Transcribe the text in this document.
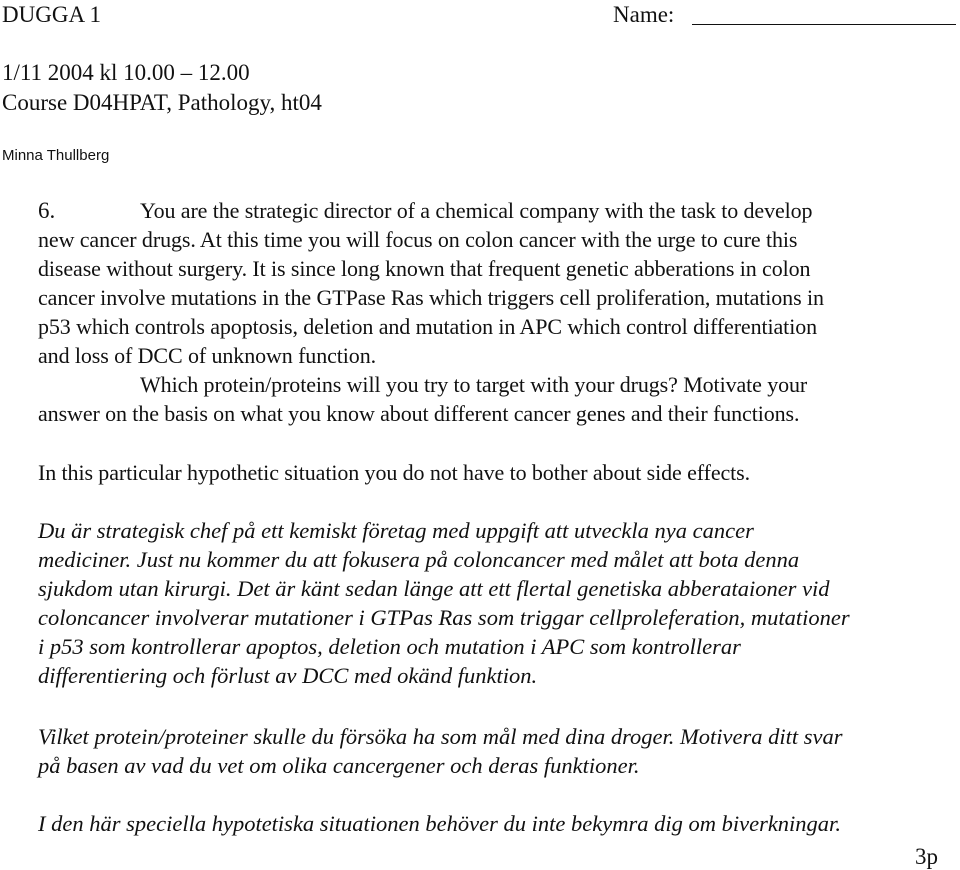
DUGGA 1	Name:
1/11 2004 kl 10.00 – 12.00
Course D04HPAT, Pathology, ht04
Minna Thullberg
6.	You are the strategic director of a chemical company with the task to develop
new cancer drugs. At this time you will focus on colon cancer with the urge to cure this
disease without surgery. It is since long known that frequent genetic abberations in colon
cancer involve mutations in the GTPase Ras which triggers cell proliferation, mutations in
p53 which controls apoptosis, deletion and mutation in APC which control differentiation
and loss of DCC of unknown function.
Which protein/proteins will you try to target with your drugs? Motivate your
answer on the basis on what you know about different cancer genes and their functions.
In this particular hypothetic situation you do not have to bother about side effects.
Du är strategisk chef på ett kemiskt företag med uppgift att utveckla nya cancer
mediciner. Just nu kommer du att fokusera på coloncancer med målet att bota denna
sjukdom utan kirurgi. Det är känt sedan länge att ett flertal genetiska abberataioner vid
coloncancer involverar mutationer i GTPas Ras som triggar cellproleferation, mutationer
i p53 som kontrollerar apoptos, deletion och mutation i APC som kontrollerar
differentiering och förlust av DCC med okänd funktion.
Vilket protein/proteiner skulle du försöka ha som mål med dina droger. Motivera ditt svar
på basen av vad du vet om olika cancergener och deras funktioner.
I den här speciella hypotetiska situationen behöver du inte bekymra dig om biverkningar.
3p
